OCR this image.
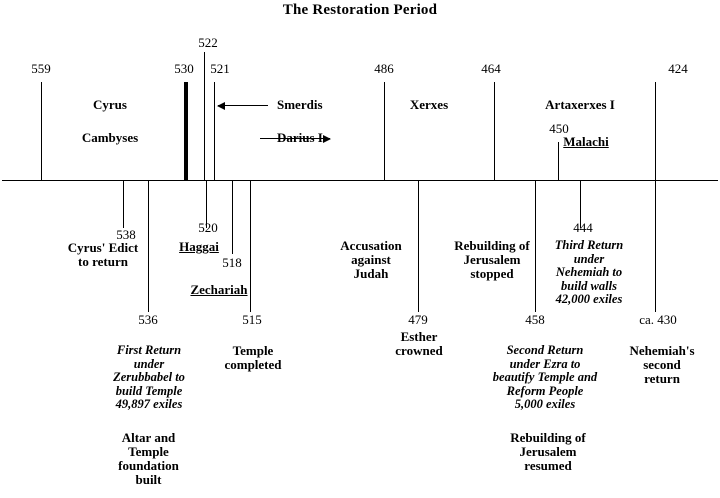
The Restoration Period
559	530
522
521	486	464
450
424
Cyrus
Cambyses
Smerdis
Darius I
Xerxes	Artaxerxes I
Malachi
Haggai
Zechariah
538
536
520
518
515	479	458
444
ca. 430
Cyrus' Edict
to return
First Return
under
Zerubbabel to
build Temple
49,897 exiles
Altar and
Temple
foundation
built
Temple
completed
Accusation
against
Judah
Esther
crowned
Rebuilding of
Jerusalem
stopped
Second Return
under Ezra to
beautify Temple and
Reform People
5,000 exiles
Rebuilding of
Jerusalem
resumed
Third Return
under
Nehemiah to
build walls
42,000 exiles
Nehemiah's
second
return
